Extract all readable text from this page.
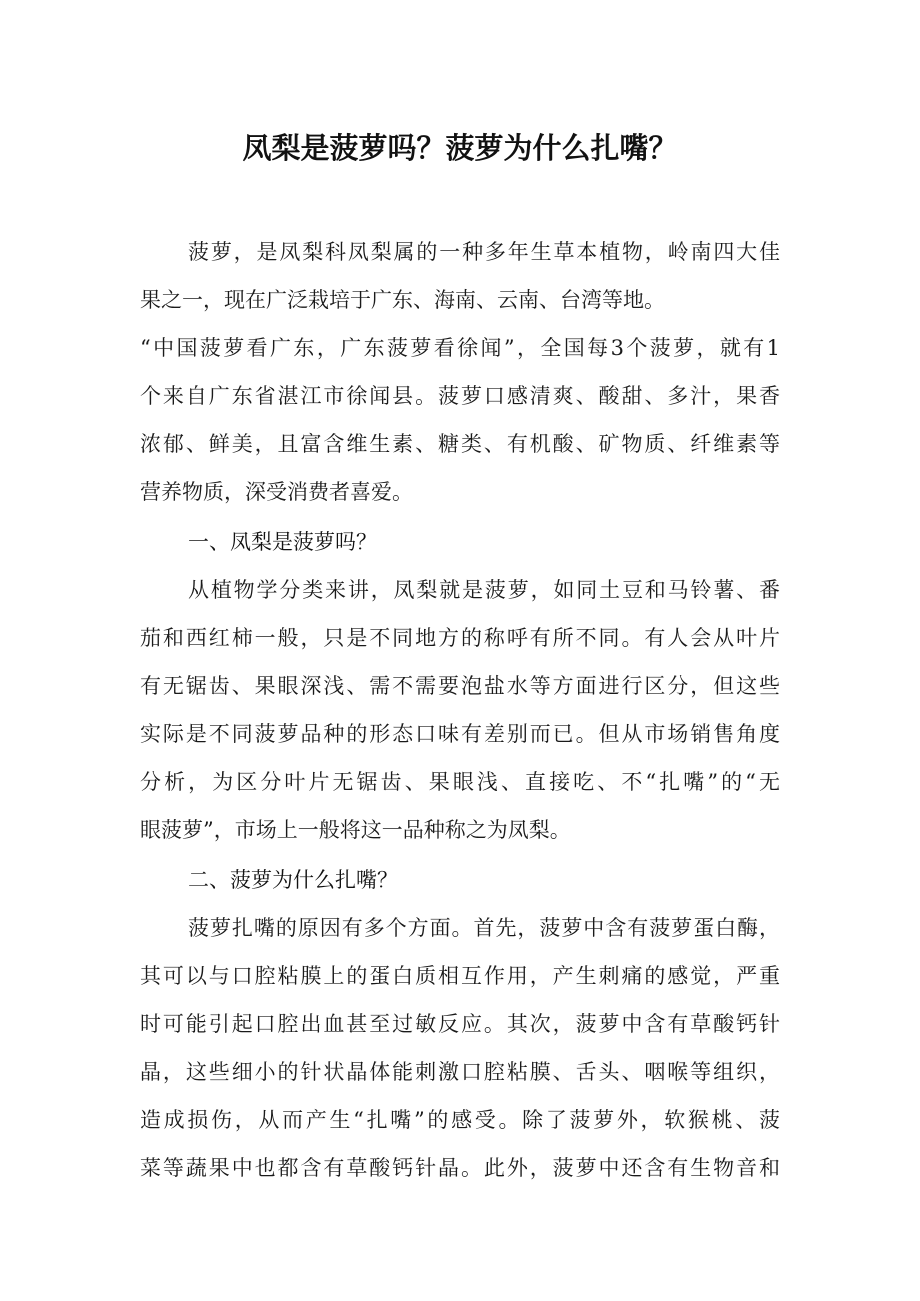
凤梨是菠萝吗？菠萝为什么扎嘴？
菠萝，是凤梨科凤梨属的一种多年生草本植物，岭南四大佳
果之一，现在广泛栽培于广东、海南、云南、台湾等地。
“中国菠萝看广东，广东菠萝看徐闻”，全国每3个菠萝，就有1
个来自广东省湛江市徐闻县。菠萝口感清爽、酸甜、多汁，果香
浓郁、鲜美，且富含维生素、糖类、有机酸、矿物质、纤维素等
营养物质，深受消费者喜爱。
一、凤梨是菠萝吗？
从植物学分类来讲，凤梨就是菠萝，如同土豆和马铃薯、番
茄和西红柿一般，只是不同地方的称呼有所不同。有人会从叶片
有无锯齿、果眼深浅、需不需要泡盐水等方面进行区分，但这些
实际是不同菠萝品种的形态口味有差别而已。但从市场销售角度
分析，为区分叶片无锯齿、果眼浅、直接吃、不“扎嘴”的“无
眼菠萝”，市场上一般将这一品种称之为凤梨。
二、菠萝为什么扎嘴？
菠萝扎嘴的原因有多个方面。首先，菠萝中含有菠萝蛋白酶，
其可以与口腔粘膜上的蛋白质相互作用，产生刺痛的感觉，严重
时可能引起口腔出血甚至过敏反应。其次，菠萝中含有草酸钙针
晶，这些细小的针状晶体能刺激口腔粘膜、舌头、咽喉等组织，
造成损伤，从而产生“扎嘴”的感受。除了菠萝外，软猴桃、菠
菜等蔬果中也都含有草酸钙针晶。此外，菠萝中还含有生物音和
